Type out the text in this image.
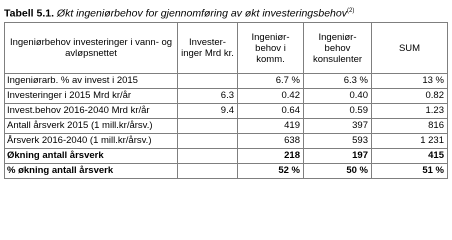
Tabell 5.1. Økt ingeniørbehov for gjennomføring av økt investeringsbehov$^{(2)}$
Ingeniørbehov investeringer i vann- og avløpsnettet	Invester-inger Mrd kr.	Ingeniør-behov i komm.	Ingeniør-behov konsulenter	SUM
Ingeniørarb. % av invest i 2015		6.7 %	6.3 %	13 %
Investeringer i 2015 Mrd kr/år	6.3	0.42	0.40	0.82
Invest.behov 2016-2040 Mrd kr/år	9.4	0.64	0.59	1.23
Antall årsverk 2015 (1 mill.kr/årsv.)		419	397	816
Årsverk 2016-2040 (1 mill.kr/årsv.)		638	593	1 231
Økning antall årsverk		218	197	415
% økning antall årsverk		52 %	50 %	51 %
